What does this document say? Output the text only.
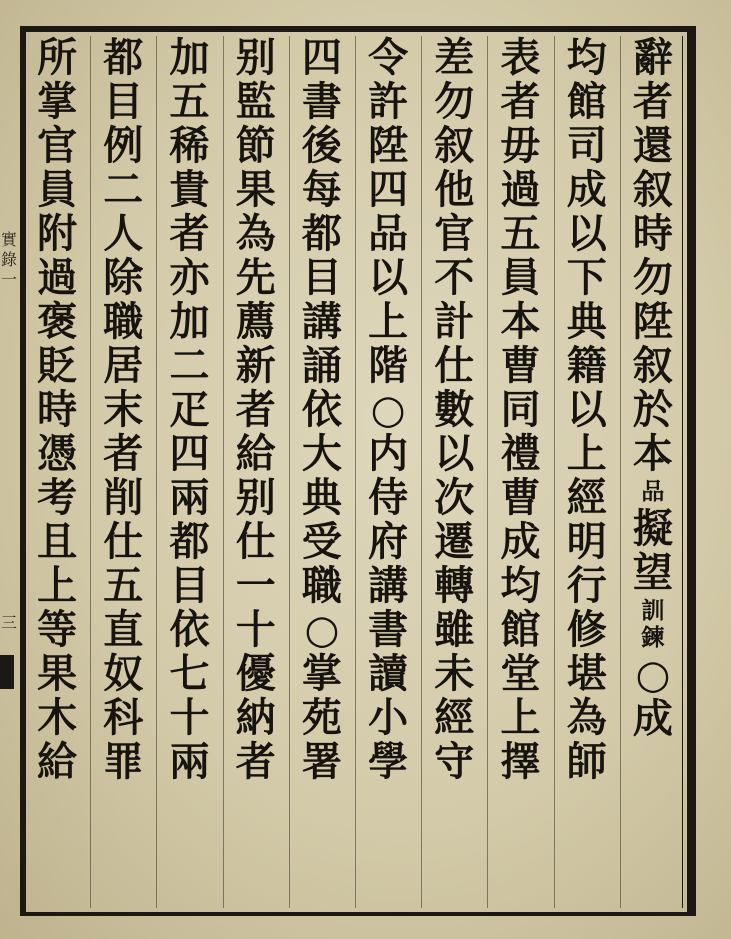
實
錄
一
三
辭
者
還
叙
時
勿
陞
叙
於
本
品
擬
望
訓
鍊
○
成
均
館
司
成
以
下
典
籍
以
上
經
明
行
修
堪
為
師
表
者
毋
過
五
員
本
曹
同
禮
曹
成
均
館
堂
上
擇
差
勿
叙
他
官
不
計
仕
數
以
次
遷
轉
雖
未
經
守
令
許
陞
四
品
以
上
階
○
内
侍
府
講
書
讀
小
學
四
書
後
每
都
目
講
誦
依
大
典
受
職
○
掌
苑
署
别
監
節
果
為
先
薦
新
者
給
别
仕
一
十
優
納
者
加
五
稀
貴
者
亦
加
二
疋
四
兩
都
目
依
七
十
兩
都
目
例
二
人
除
職
居
末
者
削
仕
五
直
奴
科
罪
所
掌
官
員
附
過
褒
貶
時
憑
考
且
上
等
果
木
給
